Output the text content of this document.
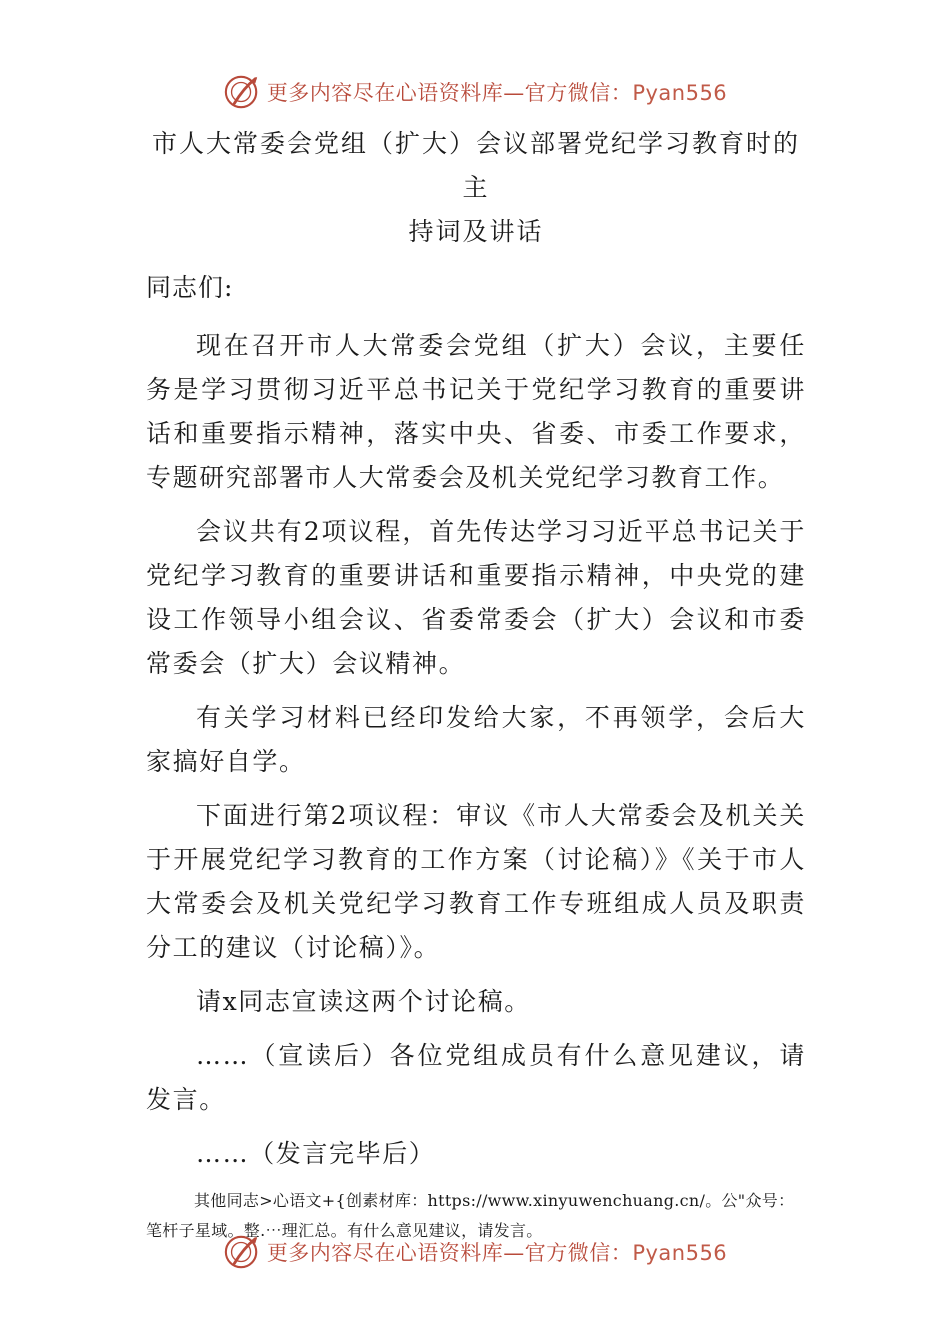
更多内容尽在心语资料库—官方微信：Pyan556
市人大常委会党组（扩大）会议部署党纪学习教育时的主
持词及讲话

同志们:

现在召开市人大常委会党组（扩大）会议，主要任务是学习贯彻习近平总书记关于党纪学习教育的重要讲话和重要指示精神，落实中央、省委、市委工作要求，专题研究部署市人大常委会及机关党纪学习教育工作。

会议共有2项议程，首先传达学习习近平总书记关于党纪学习教育的重要讲话和重要指示精神，中央党的建设工作领导小组会议、省委常委会（扩大）会议和市委常委会（扩大）会议精神。

有关学习材料已经印发给大家，不再领学，会后大家搞好自学。

下面进行第2项议程：审议《市人大常委会及机关关于开展党纪学习教育的工作方案（讨论稿）》《关于市人大常委会及机关党纪学习教育工作专班组成人员及职责分工的建议（讨论稿）》。

请x同志宣读这两个讨论稿。

……（宣读后）各位党组成员有什么意见建议，请发言。

……（发言完毕后）

其他同志>心语文+{创素材库：https://www.xinyuwenchuang.cn/。公"众号：笔杆子星域。整.⋯理汇总。有什么意见建议，请发言。

更多内容尽在心语资料库—官方微信：Pyan556
